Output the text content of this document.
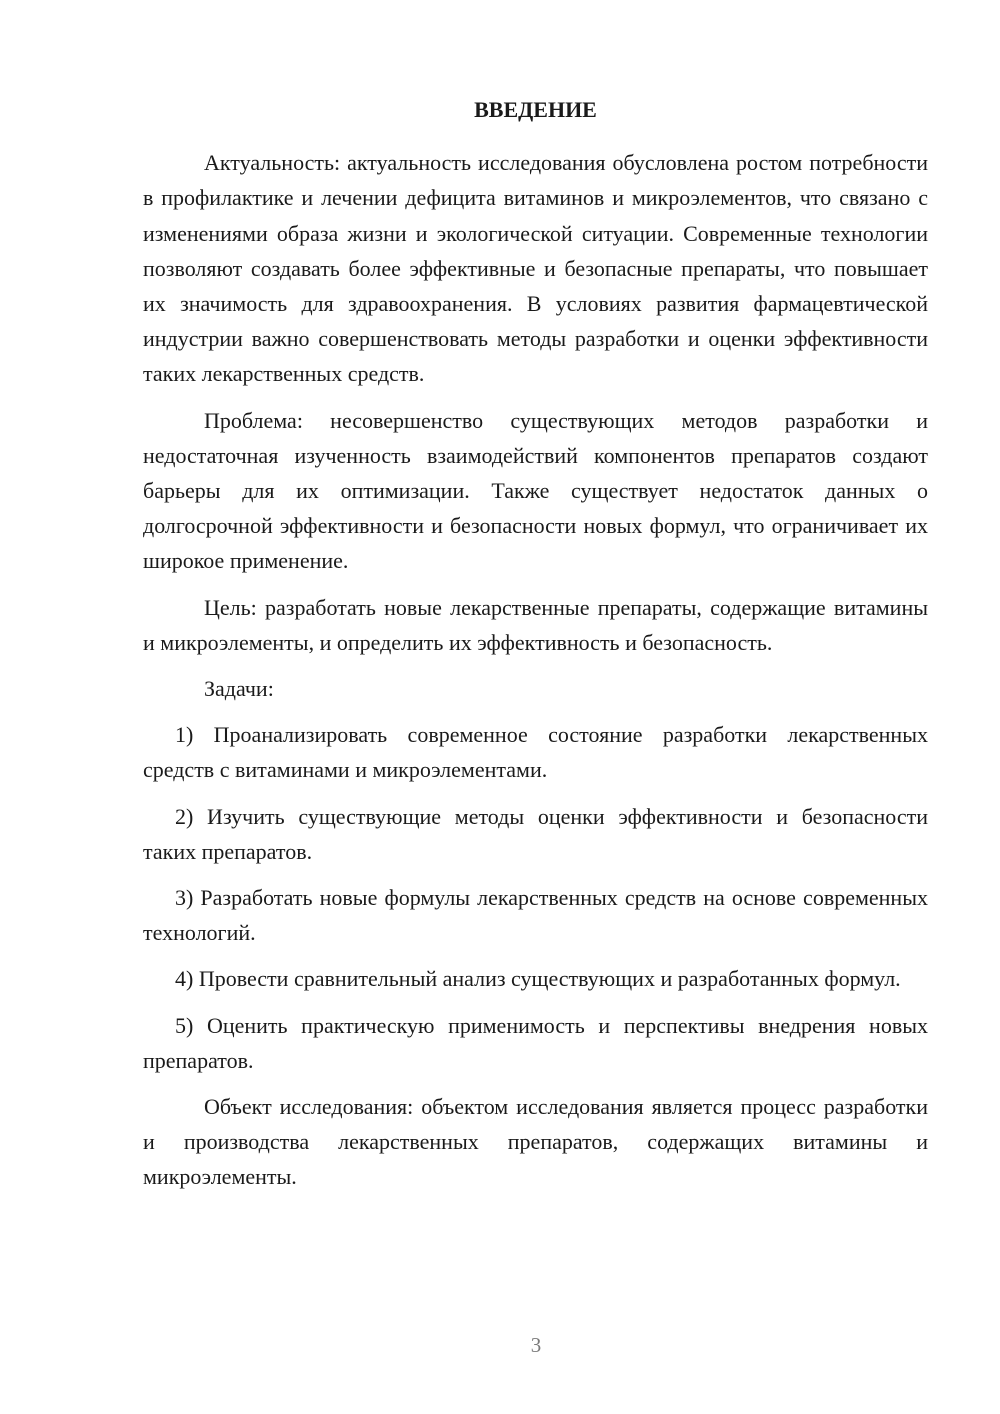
ВВЕДЕНИЕ

Актуальность: актуальность исследования обусловлена ростом потребности в профилактике и лечении дефицита витаминов и микроэлементов, что связано с изменениями образа жизни и экологической ситуации. Современные технологии позволяют создавать более эффективные и безопасные препараты, что повышает их значимость для здравоохранения. В условиях развития фармацевтической индустрии важно совершенствовать методы разработки и оценки эффективности таких лекарственных средств.

Проблема: несовершенство существующих методов разработки и недостаточная изученность взаимодействий компонентов препаратов создают барьеры для их оптимизации. Также существует недостаток данных о долгосрочной эффективности и безопасности новых формул, что ограничивает их широкое применение.

Цель: разработать новые лекарственные препараты, содержащие витамины и микроэлементы, и определить их эффективность и безопасность.

Задачи:

1) Проанализировать современное состояние разработки лекарственных средств с витаминами и микроэлементами.

2) Изучить существующие методы оценки эффективности и безопасности таких препаратов.

3) Разработать новые формулы лекарственных средств на основе современных технологий.

4) Провести сравнительный анализ существующих и разработанных формул.

5) Оценить практическую применимость и перспективы внедрения новых препаратов.

Объект исследования: объектом исследования является процесс разработки и производства лекарственных препаратов, содержащих витамины и микроэлементы.

3
